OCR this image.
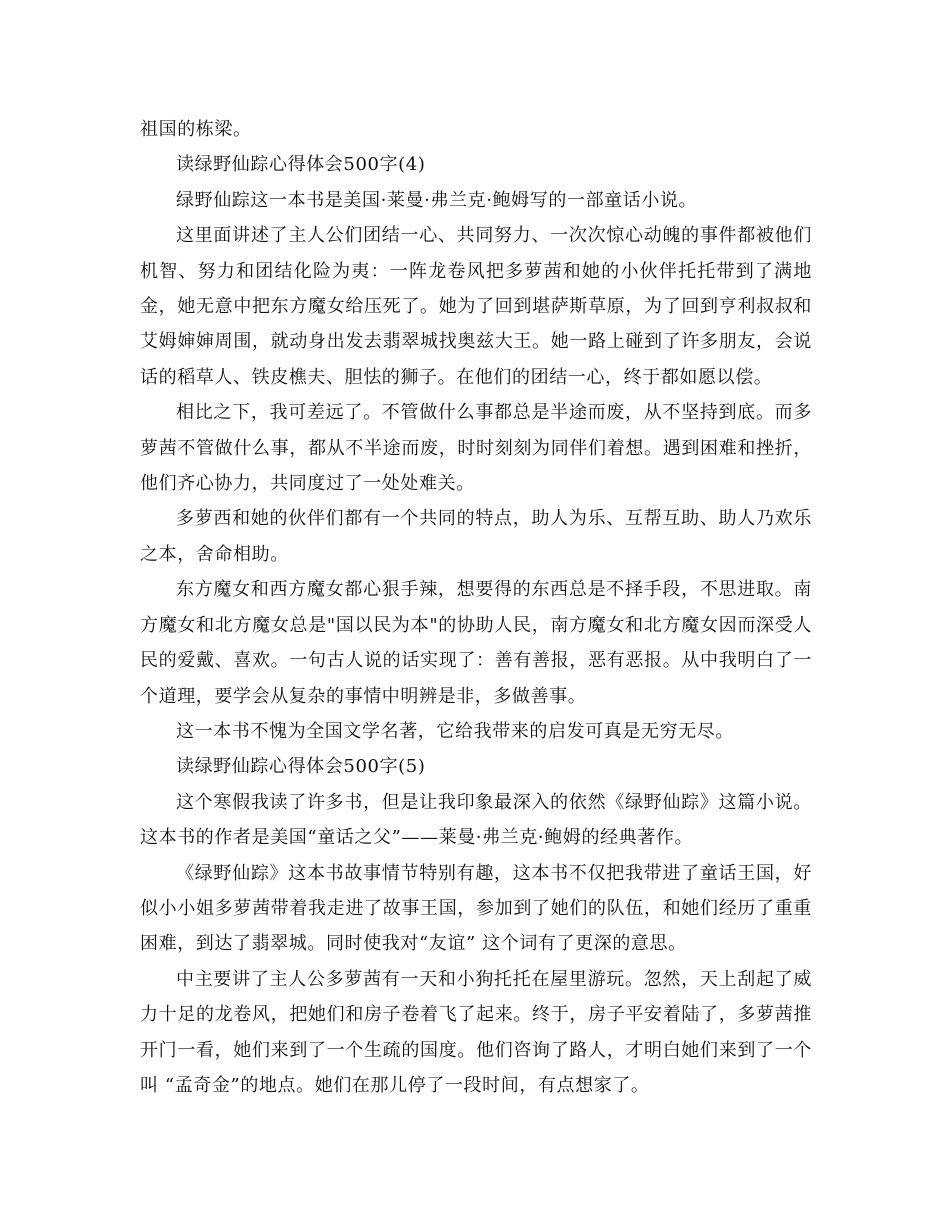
祖国的栋梁。

读绿野仙踪心得体会500字(4)

绿野仙踪这一本书是美国·莱曼·弗兰克·鲍姆写的一部童话小说。

这里面讲述了主人公们团结一心、共同努力、一次次惊心动魄的事件都被他们机智、努力和团结化险为夷：一阵龙卷风把多萝茜和她的小伙伴托托带到了满地金，她无意中把东方魔女给压死了。她为了回到堪萨斯草原，为了回到亨利叔叔和艾姆婶婶周围，就动身出发去翡翠城找奥兹大王。她一路上碰到了许多朋友，会说话的稻草人、铁皮樵夫、胆怯的狮子。在他们的团结一心，终于都如愿以偿。

相比之下，我可差远了。不管做什么事都总是半途而废，从不坚持到底。而多萝茜不管做什么事，都从不半途而废，时时刻刻为同伴们着想。遇到困难和挫折，他们齐心协力，共同度过了一处处难关。

多萝西和她的伙伴们都有一个共同的特点，助人为乐、互帮互助、助人乃欢乐之本，舍命相助。

东方魔女和西方魔女都心狠手辣，想要得的东西总是不择手段，不思进取。南方魔女和北方魔女总是"国以民为本"的协助人民，南方魔女和北方魔女因而深受人民的爱戴、喜欢。一句古人说的话实现了：善有善报，恶有恶报。从中我明白了一个道理，要学会从复杂的事情中明辨是非，多做善事。

这一本书不愧为全国文学名著，它给我带来的启发可真是无穷无尽。

读绿野仙踪心得体会500字(5)

这个寒假我读了许多书，但是让我印象最深入的依然《绿野仙踪》这篇小说。这本书的作者是美国“童话之父”——莱曼·弗兰克·鲍姆的经典著作。

《绿野仙踪》这本书故事情节特别有趣，这本书不仅把我带进了童话王国，好似小小姐多萝茜带着我走进了故事王国，参加到了她们的队伍，和她们经历了重重困难，到达了翡翠城。同时使我对“友谊” 这个词有了更深的意思。

中主要讲了主人公多萝茜有一天和小狗托托在屋里游玩。忽然，天上刮起了威力十足的龙卷风，把她们和房子卷着飞了起来。终于，房子平安着陆了，多萝茜推开门一看，她们来到了一个生疏的国度。他们咨询了路人，才明白她们来到了一个叫 “孟奇金”的地点。她们在那儿停了一段时间，有点想家了。
